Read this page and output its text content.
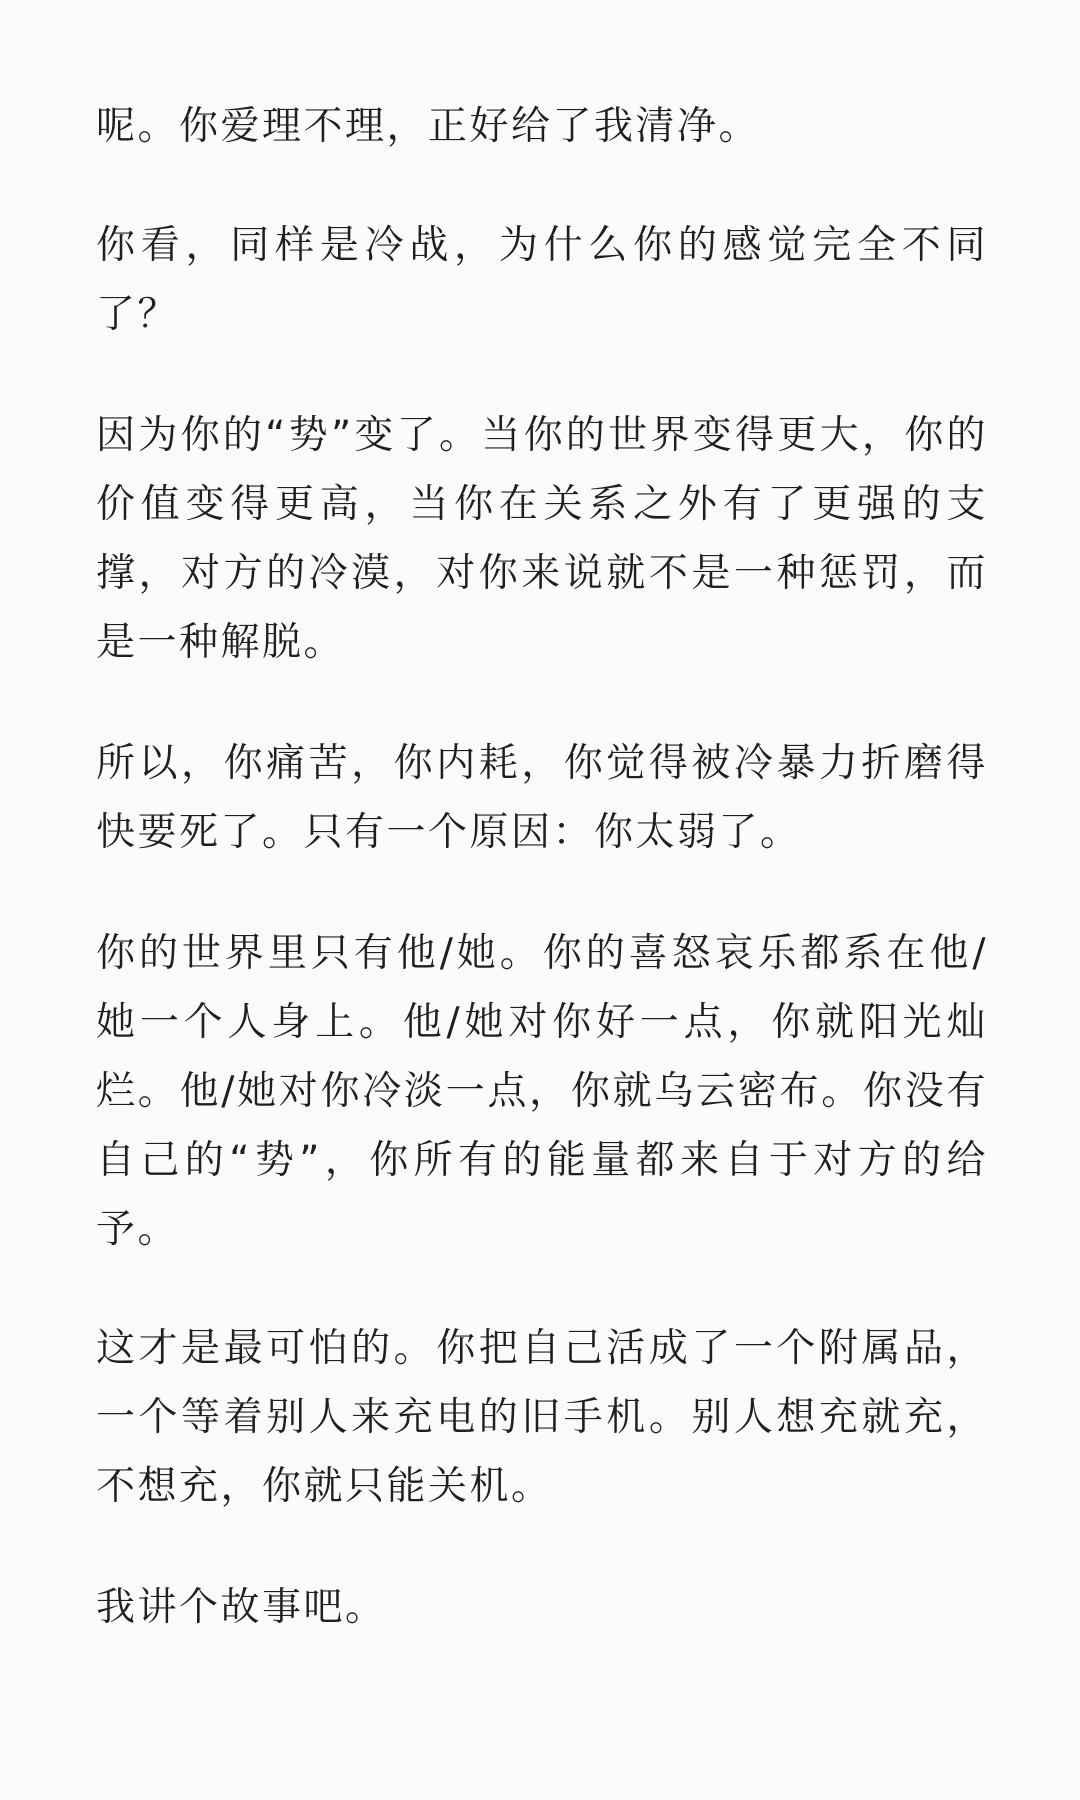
呢。你爱理不理，正好给了我清净。

你看，同样是冷战，为什么你的感觉完全不同了？

因为你的“势”变了。当你的世界变得更大，你的价值变得更高，当你在关系之外有了更强的支撑，对方的冷漠，对你来说就不是一种惩罚，而是一种解脱。

所以，你痛苦，你内耗，你觉得被冷暴力折磨得快要死了。只有一个原因：你太弱了。

你的世界里只有他/她。你的喜怒哀乐都系在他/她一个人身上。他/她对你好一点，你就阳光灿烂。他/她对你冷淡一点，你就乌云密布。你没有自己的“势”，你所有的能量都来自于对方的给予。

这才是最可怕的。你把自己活成了一个附属品，一个等着别人来充电的旧手机。别人想充就充，不想充，你就只能关机。

我讲个故事吧。
